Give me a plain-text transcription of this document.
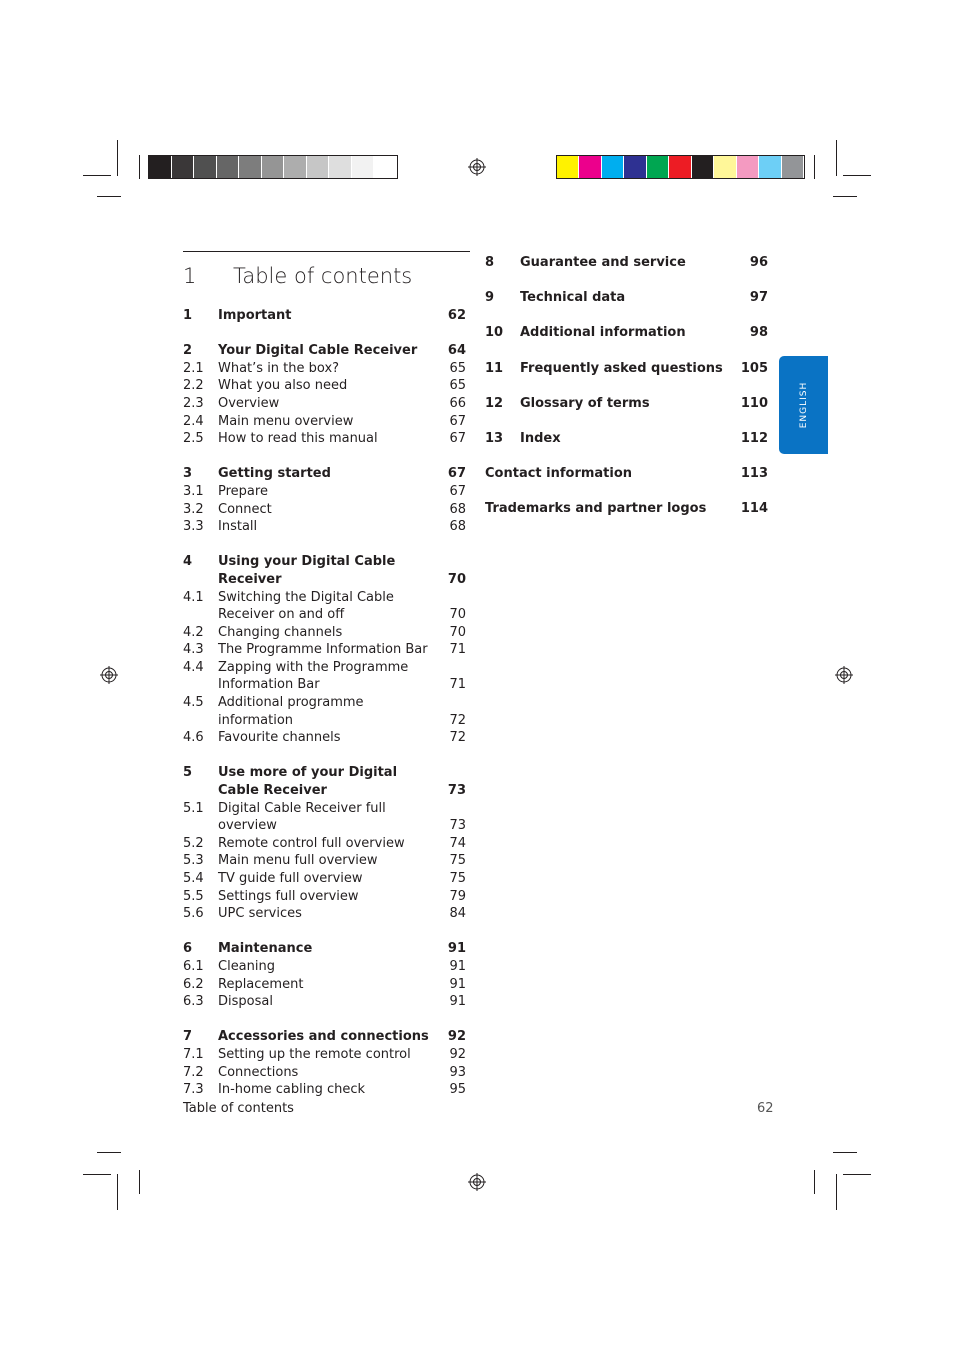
1 Table of contents
1	Important	62
2	Your Digital Cable Receiver	64
2.1	What’s in the box?	65
2.2	What you also need	65
2.3	Overview	66
2.4	Main menu overview	67
2.5	How to read this manual	67
3	Getting started	67
3.1	Prepare	67
3.2	Connect	68
3.3	Install	68
4	Using your Digital Cable Receiver	70
4.1	Switching the Digital Cable Receiver on and off	70
4.2	Changing channels	70
4.3	The Programme Information Bar	71
4.4	Zapping with the Programme Information Bar	71
4.5	Additional programme information	72
4.6	Favourite channels	72
5	Use more of your Digital Cable Receiver	73
5.1	Digital Cable Receiver full overview	73
5.2	Remote control full overview	74
5.3	Main menu full overview	75
5.4	TV guide full overview	75
5.5	Settings full overview	79
5.6	UPC services	84
6	Maintenance	91
6.1	Cleaning	91
6.2	Replacement	91
6.3	Disposal	91
7	Accessories and connections	92
7.1	Setting up the remote control	92
7.2	Connections	93
7.3	In-home cabling check	95
8	Guarantee and service	96
9	Technical data	97
10	Additional information	98
11	Frequently asked questions	105
12	Glossary of terms	110
13	Index	112
Contact information	113
Trademarks and partner logos	114
ENGLISH
Table of contents	62
